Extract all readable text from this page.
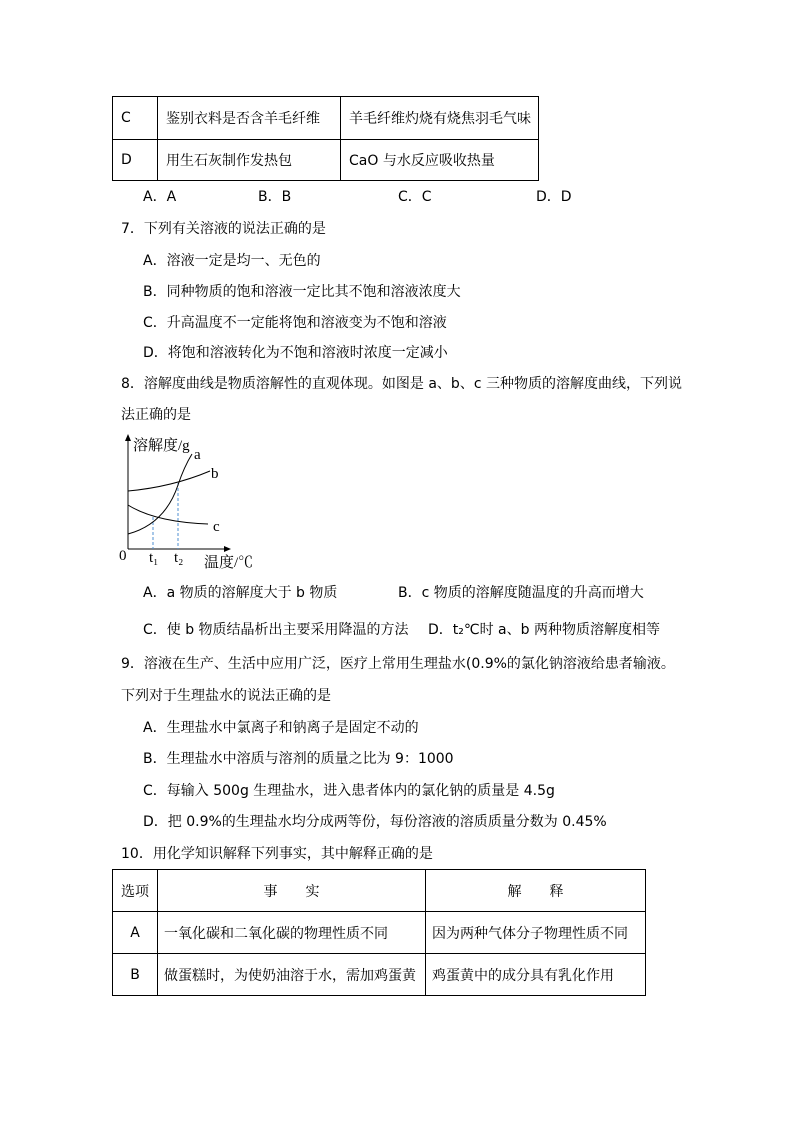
C	鉴别衣料是否含羊毛纤维	羊毛纤维灼烧有烧焦羽毛气味
D	用生石灰制作发热包	CaO 与水反应吸收热量
A．A	B．B	C．C	D．D
7．下列有关溶液的说法正确的是
A．溶液一定是均一、无色的
B．同种物质的饱和溶液一定比其不饱和溶液浓度大
C．升高温度不一定能将饱和溶液变为不饱和溶液
D．将饱和溶液转化为不饱和溶液时浓度一定减小
8．溶解度曲线是物质溶解性的直观体现。如图是 a、b、c 三种物质的溶解度曲线，下列说
法正确的是
溶解度/g
a
b
c
0 t₁ t₂ 温度/℃
A．a 物质的溶解度大于 b 物质	B．c 物质的溶解度随温度的升高而增大
C．使 b 物质结晶析出主要采用降温的方法 D．t₂℃时 a、b 两种物质溶解度相等
9．溶液在生产、生活中应用广泛，医疗上常用生理盐水(0.9%的氯化钠溶液给患者输液。
下列对于生理盐水的说法正确的是
A．生理盐水中氯离子和钠离子是固定不动的
B．生理盐水中溶质与溶剂的质量之比为 9：1000
C．每输入 500g 生理盐水，进入患者体内的氯化钠的质量是 4.5g
D．把 0.9%的生理盐水均分成两等份，每份溶液的溶质质量分数为 0.45%
10．用化学知识解释下列事实，其中解释正确的是
选项	事　　实	解　　释
A	一氧化碳和二氧化碳的物理性质不同	因为两种气体分子物理性质不同
B	做蛋糕时，为使奶油溶于水，需加鸡蛋黄	鸡蛋黄中的成分具有乳化作用
